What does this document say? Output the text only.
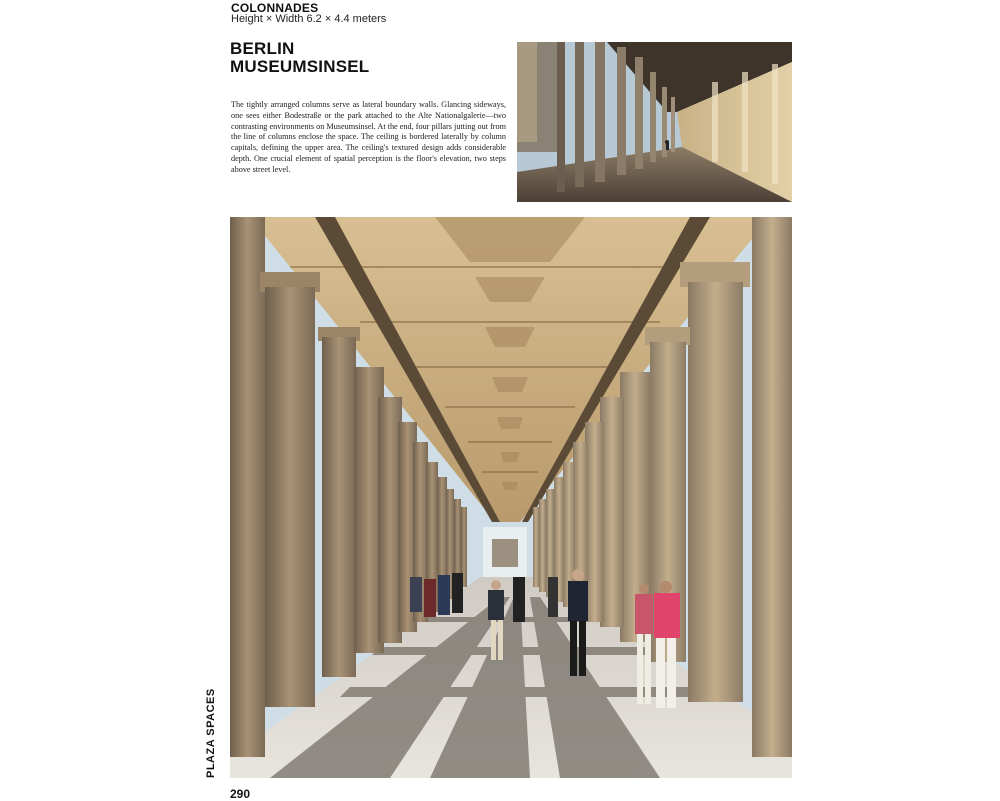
COLONNADES
Height × Width 6.2 × 4.4 meters
BERLIN
MUSEUMSINSEL
The tightly arranged columns serve as lateral boundary walls. Glancing sideways, one sees either Bodestraße or the park attached to the Alte Nationalgalerie—two contrasting environments on Museumsinsel. At the end, four pillars jutting out from the line of columns enclose the space. The ceiling is bordered laterally by column capitals, defining the upper area. The ceiling's textured design adds considerable depth. One crucial element of spatial perception is the floor's elevation, two steps above street level.
PLAZA SPACES
290
